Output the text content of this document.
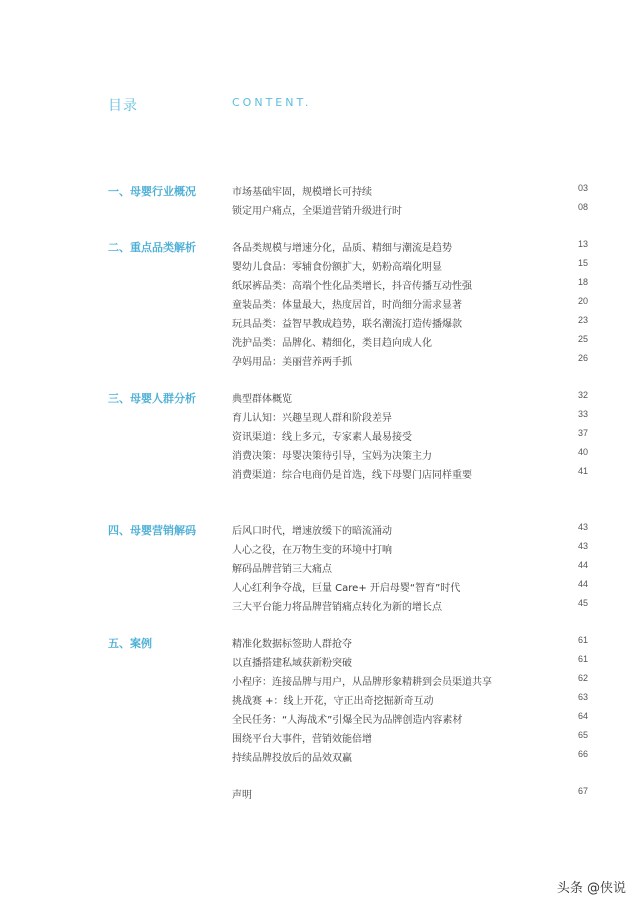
目录	CONTENT.
一、母婴行业概况	市场基础牢固，规模增长可持续	03
锁定用户痛点，全渠道营销升级进行时	08
二、重点品类解析	各品类规模与增速分化，品质、精细与潮流是趋势	13
婴幼儿食品：零辅食份额扩大，奶粉高端化明显	15
纸尿裤品类：高端个性化品类增长，抖音传播互动性强	18
童装品类：体量最大，热度居首，时尚细分需求显著	20
玩具品类：益智早教成趋势，联名潮流打造传播爆款	23
洗护品类：品牌化、精细化，类目趋向成人化	25
孕妈用品：美丽营养两手抓	26
三、母婴人群分析	典型群体概览	32
育儿认知：兴趣呈现人群和阶段差异	33
资讯渠道：线上多元，专家素人最易接受	37
消费决策：母婴决策待引导，宝妈为决策主力	40
消费渠道：综合电商仍是首选，线下母婴门店同样重要	41
四、母婴营销解码	后风口时代，增速放缓下的暗流涌动	43
人心之役，在万物生变的环境中打响	43
解码品牌营销三大痛点	44
人心红利争夺战，巨量 Care+ 开启母婴“智育”时代	44
三大平台能力将品牌营销痛点转化为新的增长点	45
五、案例	精准化数据标签助人群抢夺	61
以直播搭建私域获新粉突破	61
小程序：连接品牌与用户，从品牌形象精耕到会员渠道共享	62
挑战赛 +：线上开花，守正出奇挖掘新奇互动	63
全民任务：“人海战术”引爆全民为品牌创造内容素材	64
围绕平台大事件，营销效能倍增	65
持续品牌投放后的品效双赢	66
声明	67
头条 @侠说
